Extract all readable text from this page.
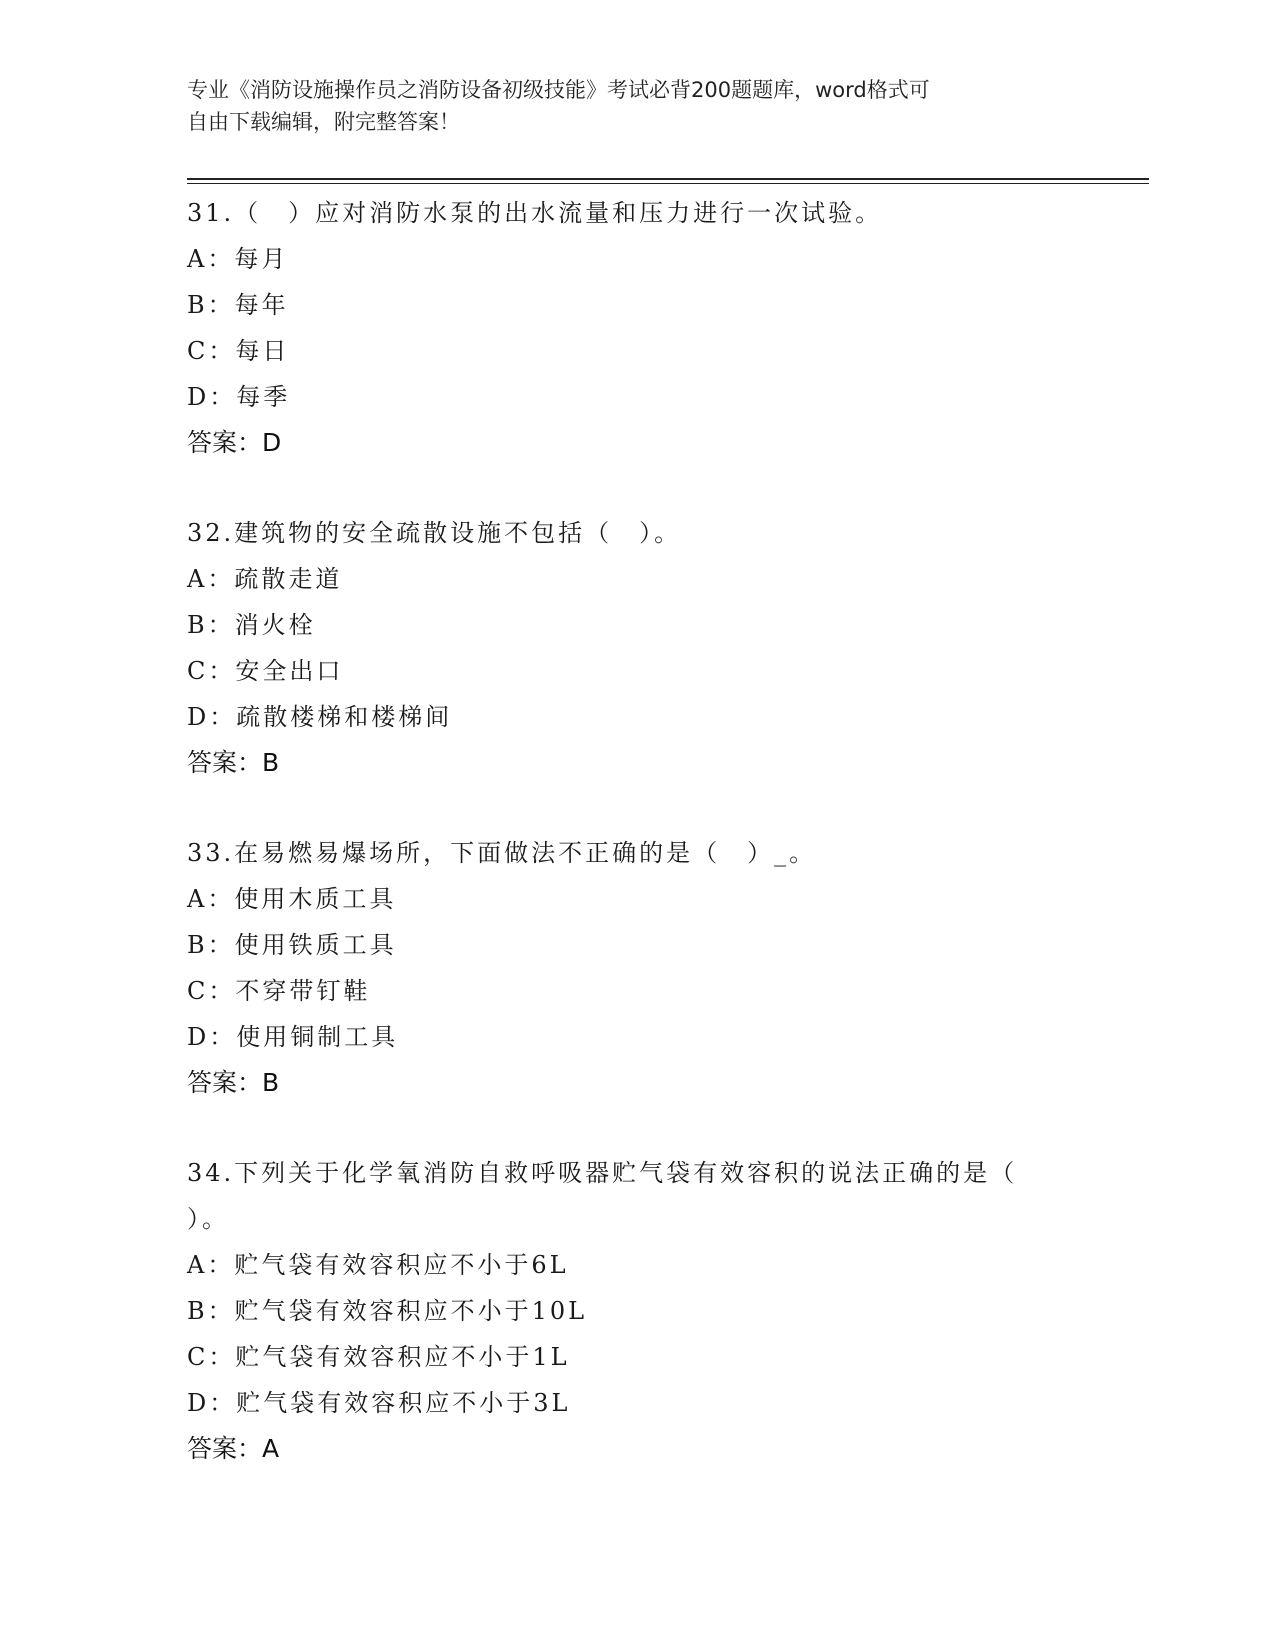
专业《消防设施操作员之消防设备初级技能》考试必背200题题库，word格式可
自由下载编辑，附完整答案！

31.（　）应对消防水泵的出水流量和压力进行一次试验。

A：每月

B：每年

C：每日

D：每季

答案：D

32.建筑物的安全疏散设施不包括（　）。

A：疏散走道

B：消火栓

C：安全出口

D：疏散楼梯和楼梯间

答案：B

33.在易燃易爆场所，下面做法不正确的是（　）_。

A：使用木质工具

B：使用铁质工具

C：不穿带钉鞋

D：使用铜制工具

答案：B

34.下列关于化学氧消防自救呼吸器贮气袋有效容积的说法正确的是（

）。

A：贮气袋有效容积应不小于6L

B：贮气袋有效容积应不小于10L

C：贮气袋有效容积应不小于1L

D：贮气袋有效容积应不小于3L

答案：A
